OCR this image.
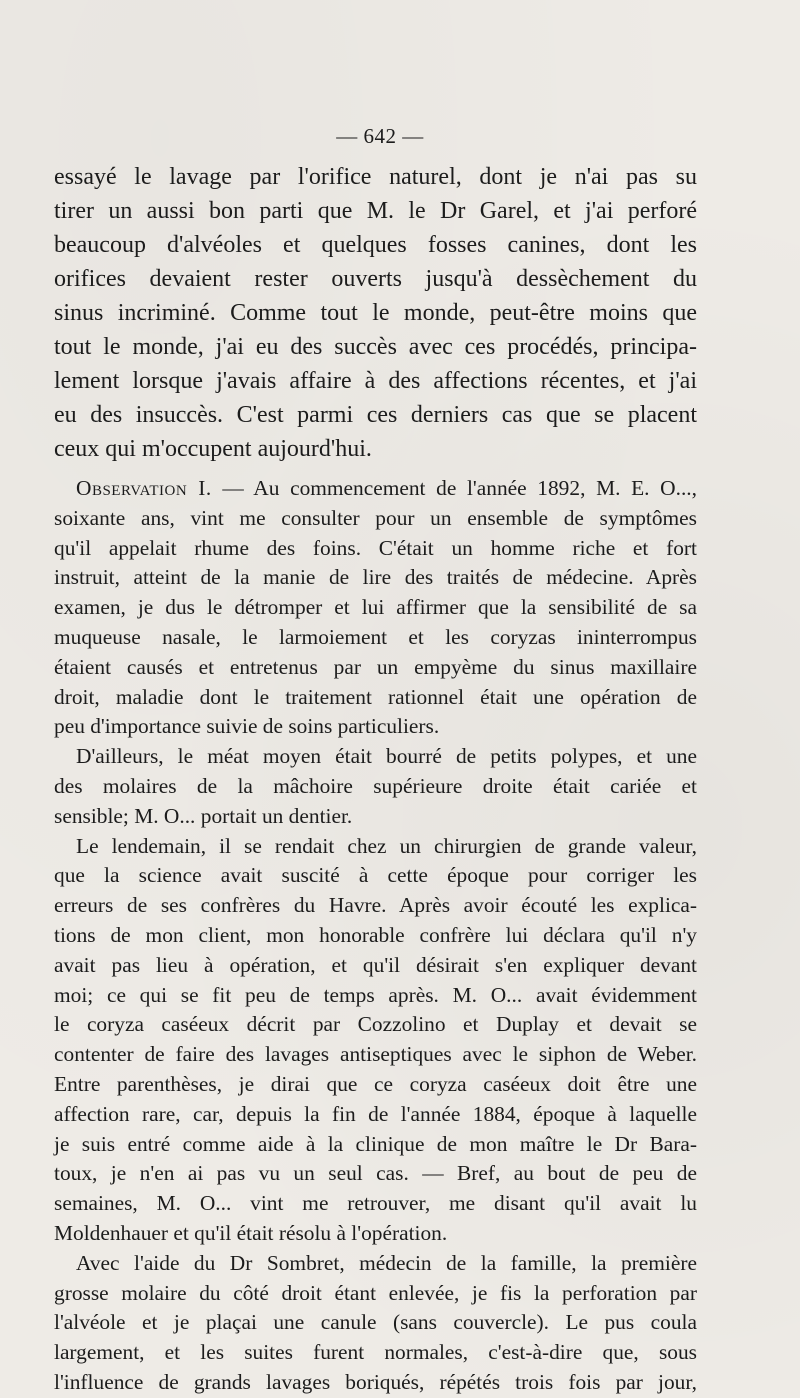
— 642 —
essayé le lavage par l'orifice naturel, dont je n'ai pas su
tirer un aussi bon parti que M. le Dr Garel, et j'ai perforé
beaucoup d'alvéoles et quelques fosses canines, dont les
orifices devaient rester ouverts jusqu'à dessèchement du
sinus incriminé. Comme tout le monde, peut-être moins que
tout le monde, j'ai eu des succès avec ces procédés, principa-
lement lorsque j'avais affaire à des affections récentes, et j'ai
eu des insuccès. C'est parmi ces derniers cas que se placent
ceux qui m'occupent aujourd'hui.
Observation I. — Au commencement de l'année 1892, M. E. O...,
soixante ans, vint me consulter pour un ensemble de symptômes
qu'il appelait rhume des foins. C'était un homme riche et fort
instruit, atteint de la manie de lire des traités de médecine. Après
examen, je dus le détromper et lui affirmer que la sensibilité de sa
muqueuse nasale, le larmoiement et les coryzas ininterrompus
étaient causés et entretenus par un empyème du sinus maxillaire
droit, maladie dont le traitement rationnel était une opération de
peu d'importance suivie de soins particuliers.
D'ailleurs, le méat moyen était bourré de petits polypes, et une
des molaires de la mâchoire supérieure droite était cariée et
sensible; M. O... portait un dentier.
Le lendemain, il se rendait chez un chirurgien de grande valeur,
que la science avait suscité à cette époque pour corriger les
erreurs de ses confrères du Havre. Après avoir écouté les explica-
tions de mon client, mon honorable confrère lui déclara qu'il n'y
avait pas lieu à opération, et qu'il désirait s'en expliquer devant
moi; ce qui se fit peu de temps après. M. O... avait évidemment
le coryza caséeux décrit par Cozzolino et Duplay et devait se
contenter de faire des lavages antiseptiques avec le siphon de Weber.
Entre parenthèses, je dirai que ce coryza caséeux doit être une
affection rare, car, depuis la fin de l'année 1884, époque à laquelle
je suis entré comme aide à la clinique de mon maître le Dr Bara-
toux, je n'en ai pas vu un seul cas. — Bref, au bout de peu de
semaines, M. O... vint me retrouver, me disant qu'il avait lu
Moldenhauer et qu'il était résolu à l'opération.
Avec l'aide du Dr Sombret, médecin de la famille, la première
grosse molaire du côté droit étant enlevée, je fis la perforation par
l'alvéole et je plaçai une canule (sans couvercle). Le pus coula
largement, et les suites furent normales, c'est-à-dire que, sous
l'influence de grands lavages boriqués, répétés trois fois par jour,
